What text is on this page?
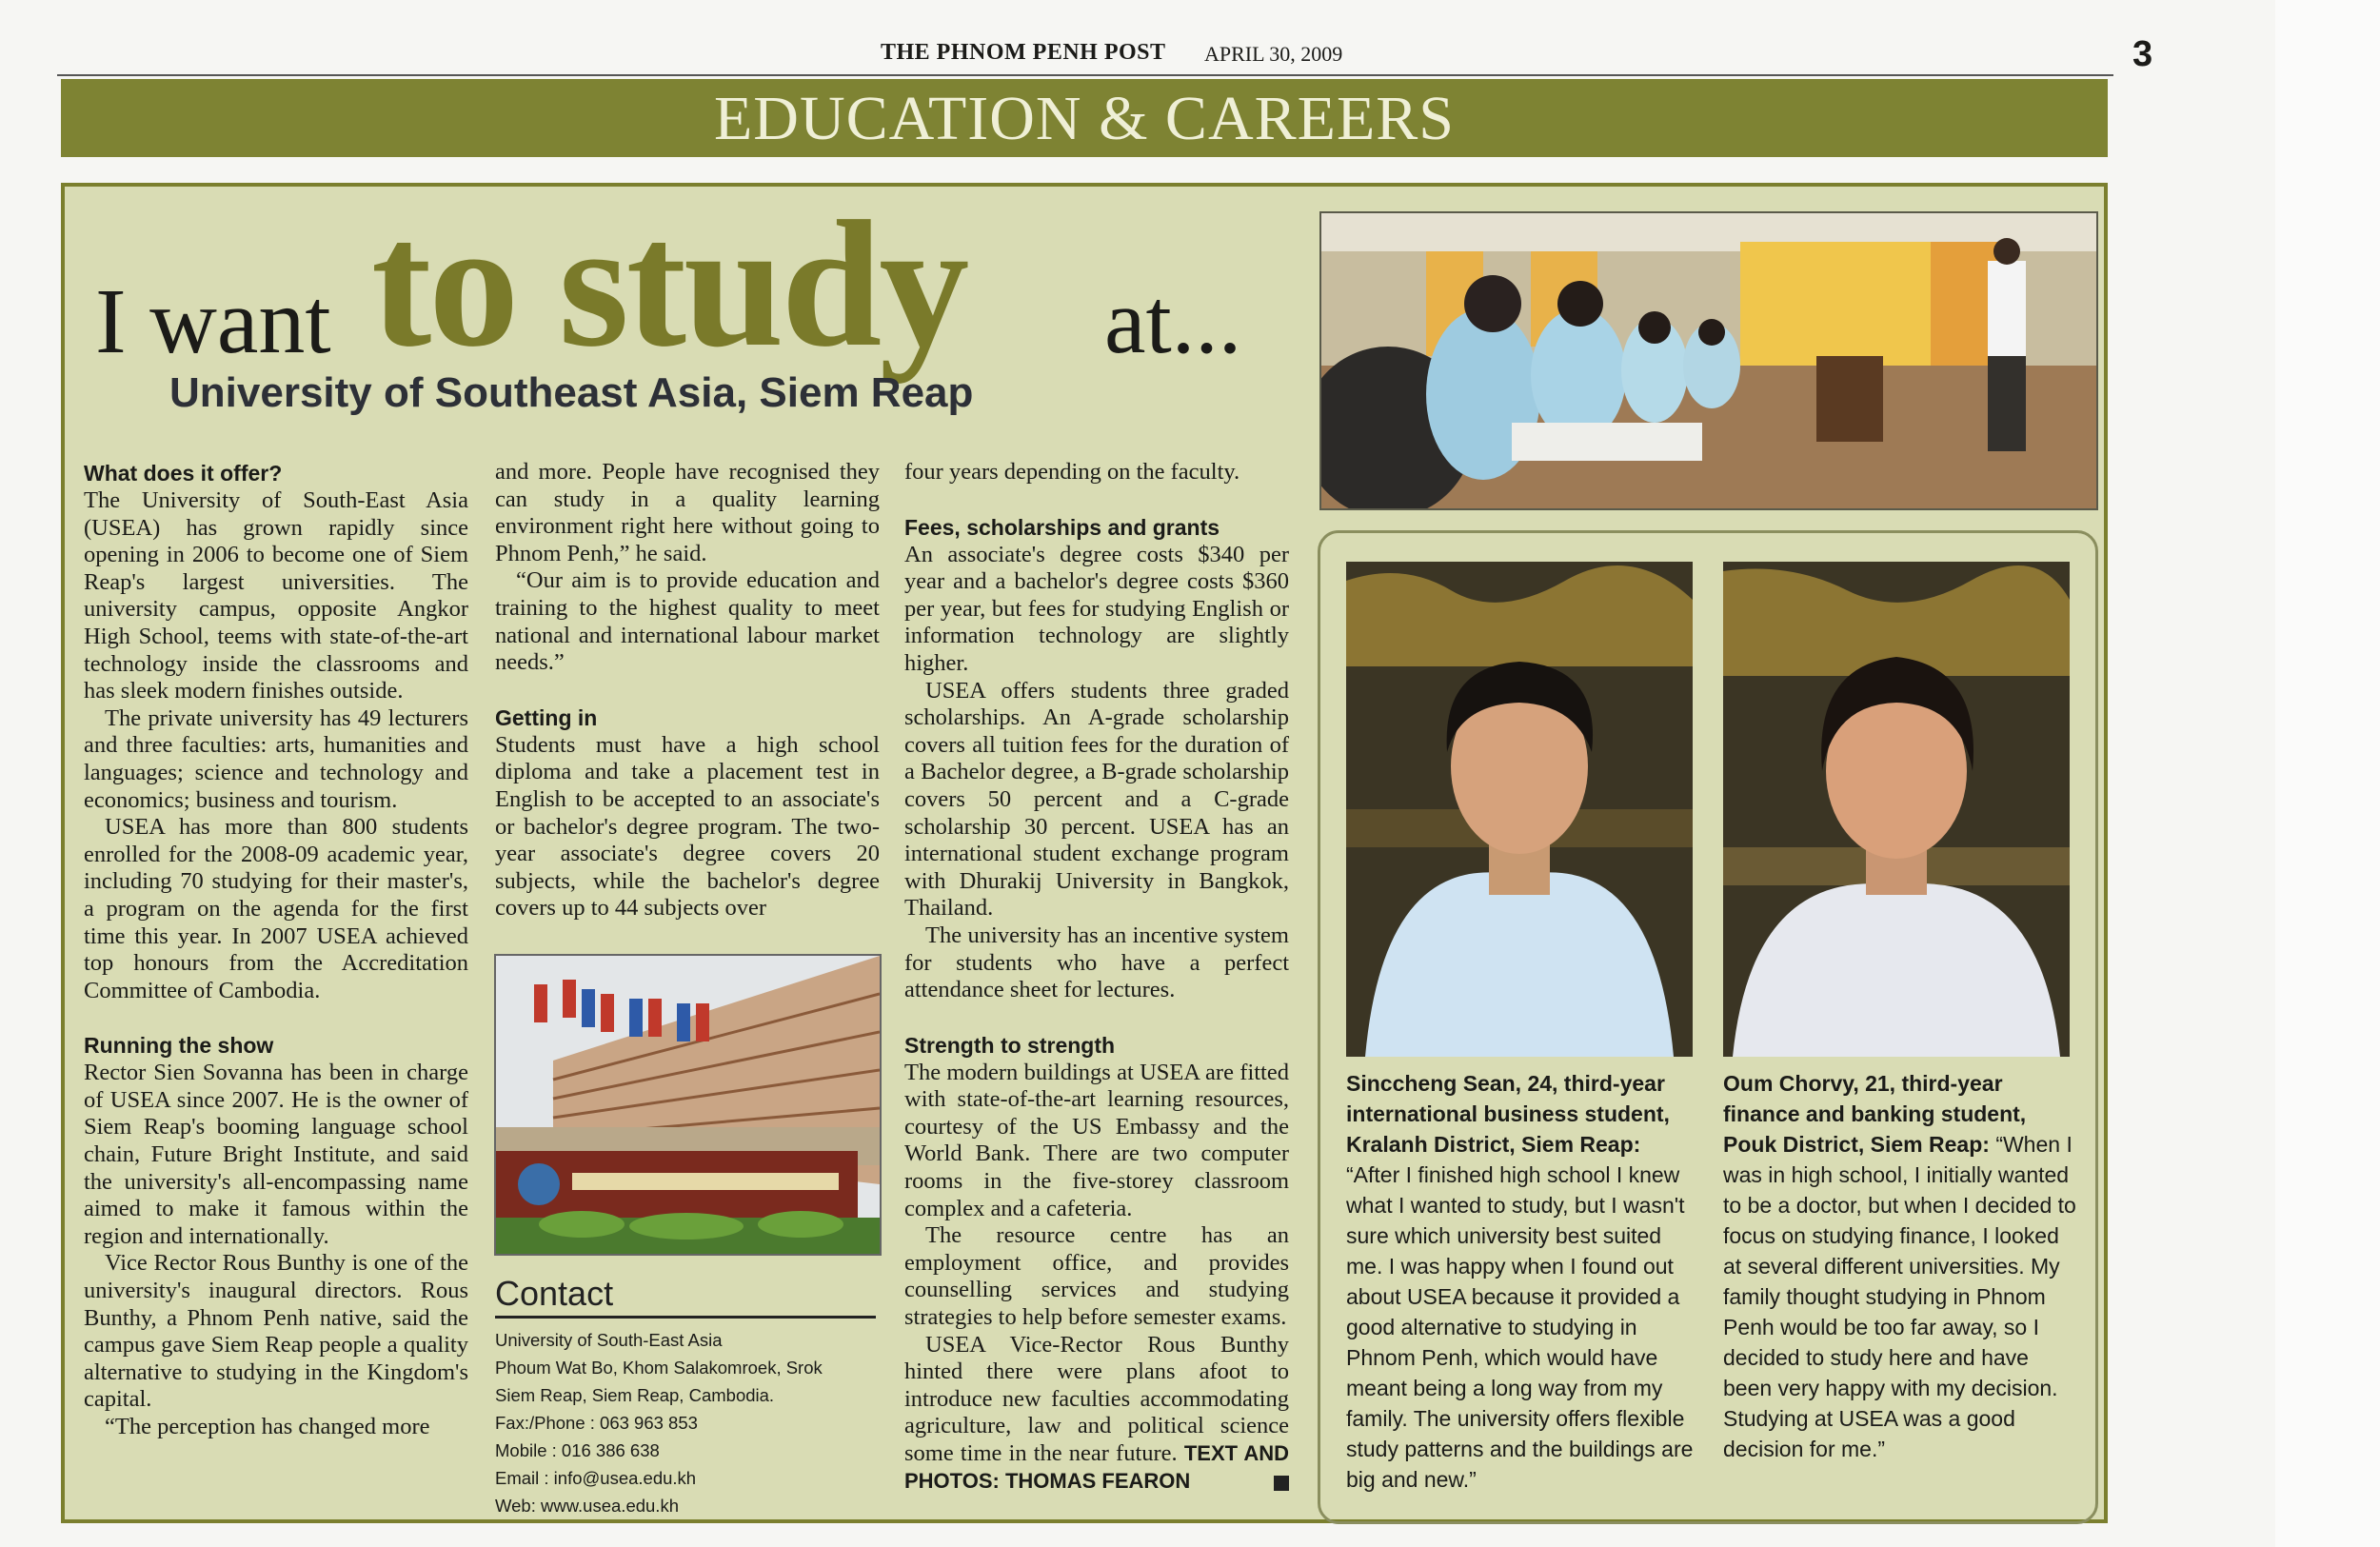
THE PHNOM PENH POST APRIL 30, 2009	3
EDUCATION & CAREERS
I want to study at...
University of Southeast Asia, Siem Reap
What does it offer?

The University of South-East Asia (USEA) has grown rapidly since opening in 2006 to become one of Siem Reap's largest universities. The university campus, opposite Angkor High School, teems with state-of-the-art technology inside the classrooms and has sleek modern finishes outside.

The private university has 49 lecturers and three faculties: arts, humanities and languages; science and technology and economics; business and tourism.

USEA has more than 800 students enrolled for the 2008-09 academic year, including 70 studying for their master's, a program on the agenda for the first time this year. In 2007 USEA achieved top honours from the Accreditation Committee of Cambodia.

Running the show

Rector Sien Sovanna has been in charge of USEA since 2007. He is the owner of Siem Reap's booming language school chain, Future Bright Institute, and said the university's all-encompassing name aimed to make it famous within the region and internationally.

Vice Rector Rous Bunthy is one of the university's inaugural directors. Rous Bunthy, a Phnom Penh native, said the campus gave Siem Reap people a quality alternative to studying in the Kingdom's capital.

“The perception has changed more

and more. People have recognised they can study in a quality learning environment right here without going to Phnom Penh,” he said.

“Our aim is to provide education and training to the highest quality to meet national and international labour market needs.”

Getting in

Students must have a high school diploma and take a placement test in English to be accepted to an associate's or bachelor's degree program. The two-year associate's degree covers 20 subjects, while the bachelor's degree covers up to 44 subjects over

Contact
University of South-East Asia
Phoum Wat Bo, Khom Salakomroek, Srok
Siem Reap, Siem Reap, Cambodia.
Fax:/Phone : 063 963 853
Mobile : 016 386 638
Email : info@usea.edu.kh
Web: www.usea.edu.kh

four years depending on the faculty.

Fees, scholarships and grants

An associate's degree costs $340 per year and a bachelor's degree costs $360 per year, but fees for studying English or information technology are slightly higher.

USEA offers students three graded scholarships. An A-grade scholarship covers all tuition fees for the duration of a Bachelor degree, a B-grade scholarship covers 50 percent and a C-grade scholarship 30 percent. USEA has an international student exchange program with Dhurakij University in Bangkok, Thailand.

The university has an incentive system for students who have a perfect attendance sheet for lectures.

Strength to strength

The modern buildings at USEA are fitted with state-of-the-art learning resources, courtesy of the US Embassy and the World Bank. There are two computer rooms in the five-storey classroom complex and a cafeteria.

The resource centre has an employment office, and provides counselling services and studying strategies to help before semester exams.

USEA Vice-Rector Rous Bunthy hinted there were plans afoot to introduce new faculties accommodating agriculture, law and political science some time in the near future. TEXT AND PHOTOS: THOMAS FEARON

Sinccheng Sean, 24, third-year international business student, Kralanh District, Siem Reap: “After I finished high school I knew what I wanted to study, but I wasn't sure which university best suited me. I was happy when I found out about USEA because it provided a good alternative to studying in Phnom Penh, which would have meant being a long way from my family. The university offers flexible study patterns and the buildings are big and new.”
Oum Chorvy, 21, third-year finance and banking student, Pouk District, Siem Reap: “When I was in high school, I initially wanted to be a doctor, but when I decided to focus on studying finance, I looked at several different universities. My family thought studying in Phnom Penh would be too far away, so I decided to study here and have been very happy with my decision. Studying at USEA was a good decision for me.”
